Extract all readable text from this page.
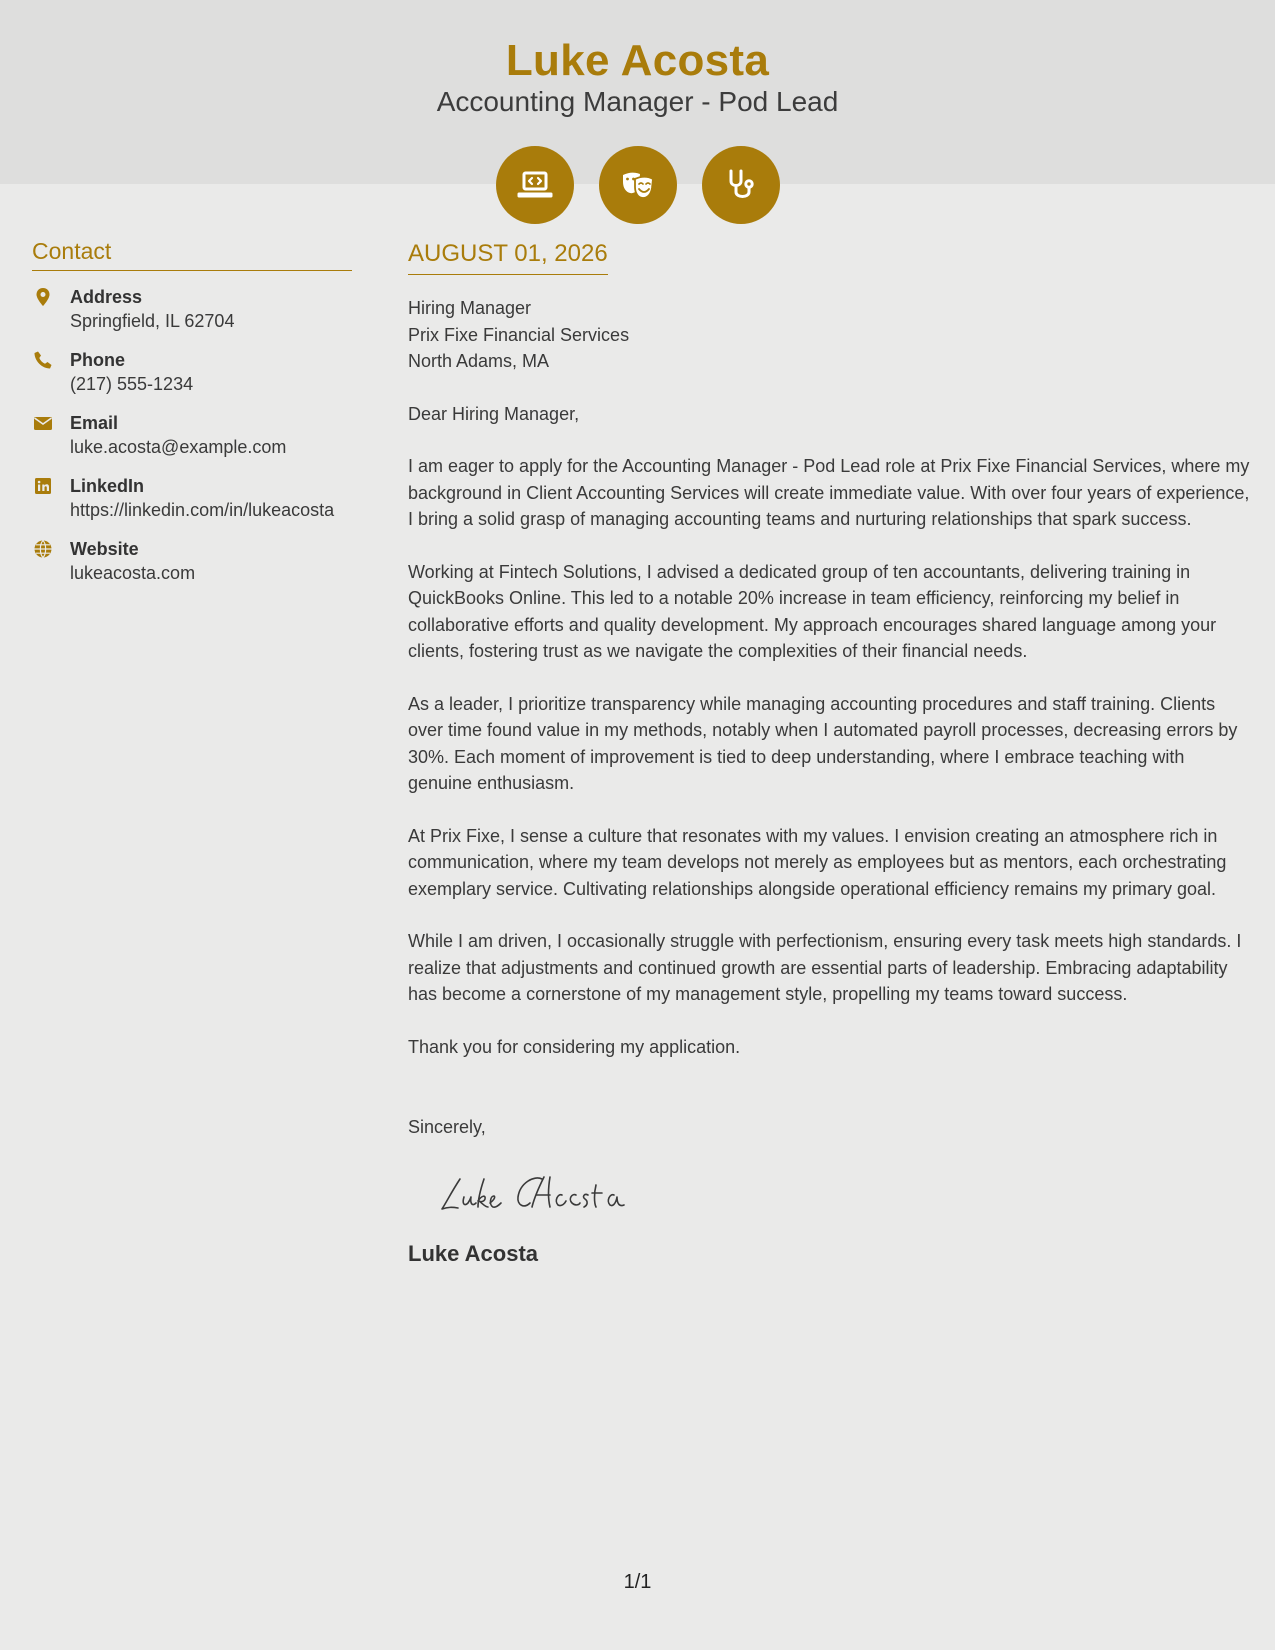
Luke Acosta
Accounting Manager - Pod Lead
Contact
Address
Springfield, IL 62704
Phone
(217) 555-1234
Email
luke.acosta@example.com
LinkedIn
https://linkedin.com/in/lukeacosta
Website
lukeacosta.com
AUGUST 01, 2026
Hiring Manager
Prix Fixe Financial Services
North Adams, MA
Dear Hiring Manager,
I am eager to apply for the Accounting Manager - Pod Lead role at Prix Fixe Financial Services, where my background in Client Accounting Services will create immediate value. With over four years of experience, I bring a solid grasp of managing accounting teams and nurturing relationships that spark success.
Working at Fintech Solutions, I advised a dedicated group of ten accountants, delivering training in QuickBooks Online. This led to a notable 20% increase in team efficiency, reinforcing my belief in collaborative efforts and quality development. My approach encourages shared language among your clients, fostering trust as we navigate the complexities of their financial needs.
As a leader, I prioritize transparency while managing accounting procedures and staff training. Clients over time found value in my methods, notably when I automated payroll processes, decreasing errors by 30%. Each moment of improvement is tied to deep understanding, where I embrace teaching with genuine enthusiasm.
At Prix Fixe, I sense a culture that resonates with my values. I envision creating an atmosphere rich in communication, where my team develops not merely as employees but as mentors, each orchestrating exemplary service. Cultivating relationships alongside operational efficiency remains my primary goal.
While I am driven, I occasionally struggle with perfectionism, ensuring every task meets high standards. I realize that adjustments and continued growth are essential parts of leadership. Embracing adaptability has become a cornerstone of my management style, propelling my teams toward success.
Thank you for considering my application.
Sincerely,
Luke Acosta
1/1
